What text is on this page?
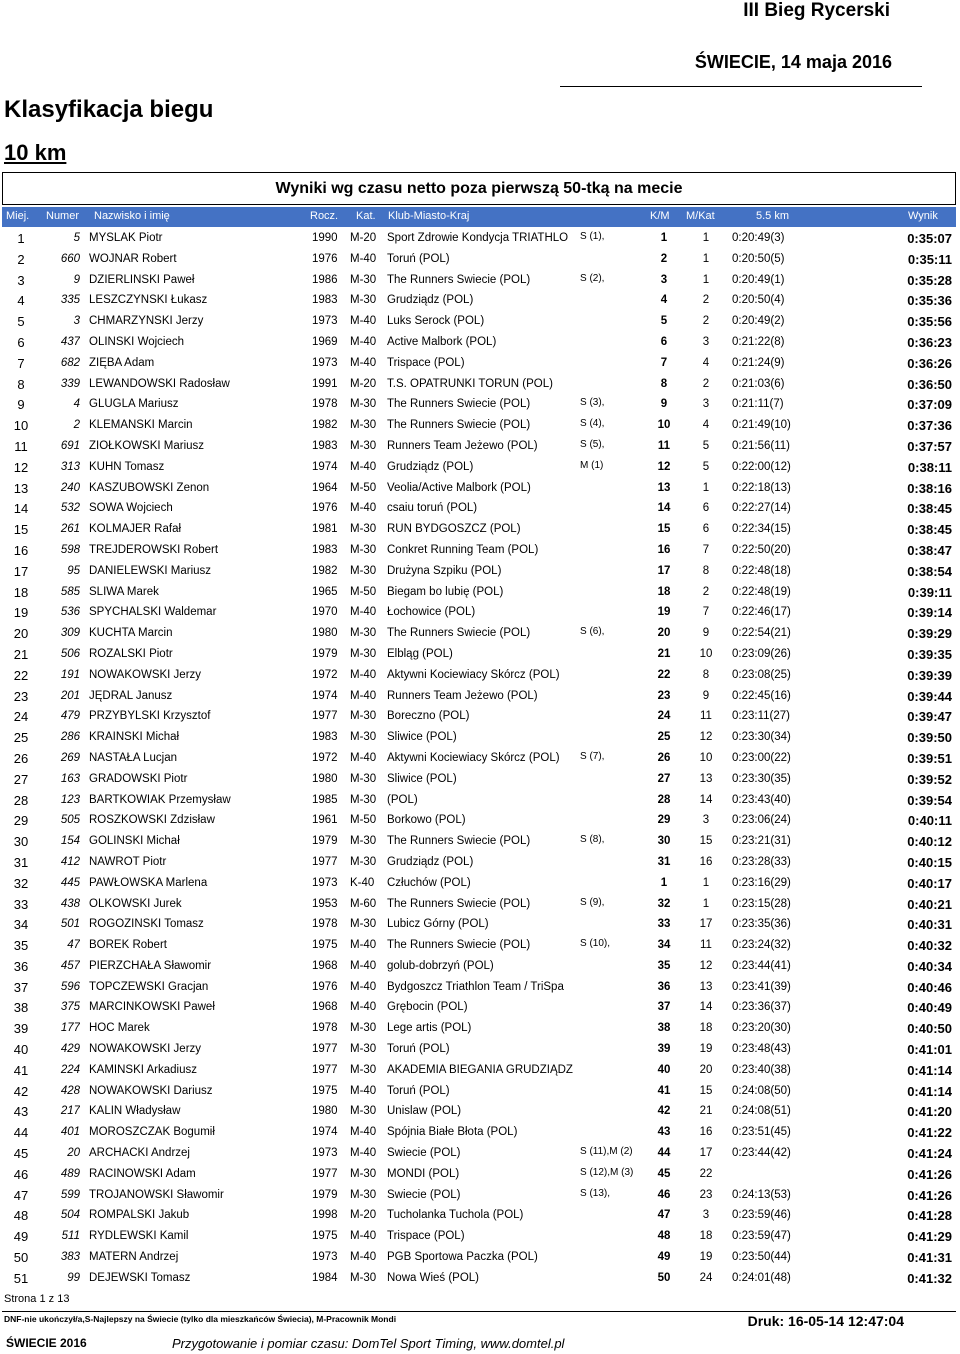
III Bieg Rycerski
ŚWIECIE, 14 maja 2016
Klasyfikacja biegu
10 km
Wyniki wg czasu netto poza pierwszą 50-tką na mecie
Miej. Numer Nazwisko i imię	Rocz. Kat. Klub-Miasto-Kraj	K/M M/Kat	5.5 km	Wynik
1	5 MYŚLAK Piotr	1990	M-20 Sport Zdrowie Kondycja TRIATHLO	S (1),	1	1	0:20:49(3)	0:35:07
2	660 WOJNAR Robert	1976	M-40 Toruń (POL)	2	1	0:20:50(5)	0:35:11
3	9 DZIERLIŃSKI Paweł	1986	M-30 The Runners Świecie (POL)	S (2),	3	1	0:20:49(1)	0:35:28
4	335 LESZCZYŃSKI Łukasz	1983	M-30 Grudziądz (POL)	4	2	0:20:50(4)	0:35:36
5	3 CHMARZYŃSKI Jerzy	1973	M-40 Luks Serock (POL)	5	2	0:20:49(2)	0:35:56
6	437 OLIŃSKI Wojciech	1969	M-40 Active Malbork (POL)	6	3	0:21:22(8)	0:36:23
7	682 ZIĘBA Adam	1973	M-40 Trispace (POL)	7	4	0:21:24(9)	0:36:26
8	339 LEWANDOWSKI Radosław	1991	M-20 T.S. OPATRUNKI TORUŃ (POL)	8	2	0:21:03(6)	0:36:50
9	4 GLUGLA Mariusz	1978	M-30 The Runners Świecie (POL)	S (3),	9	3	0:21:11(7)	0:37:09
10	2 KLEMAŃSKI Marcin	1982	M-30 The Runners Świecie (POL)	S (4),	10	4	0:21:49(10)	0:37:36
11	691 ZIÓŁKOWSKI Mariusz	1983	M-30 Runners Team Jeżewo (POL)	S (5),	11	5	0:21:56(11)	0:37:57
12	313 KÜHN Tomasz	1974	M-40 Grudziądz (POL)	M (1)	12	5	0:22:00(12)	0:38:11
13	240 KASZUBOWSKI Zenon	1964	M-50 Veolia/Active Malbork (POL)	13	1	0:22:18(13)	0:38:16
14	532 SOWA Wojciech	1976	M-40 csaiu toruń (POL)	14	6	0:22:27(14)	0:38:45
15	261 KOLMAJER Rafał	1981	M-30 RUN BYDGOSZCZ (POL)	15	6	0:22:34(15)	0:38:45
16	598 TREJDEROWSKI Robert	1983	M-30 Conkret Running Team (POL)	16	7	0:22:50(20)	0:38:47
17	95 DANIELEWSKI Mariusz	1982	M-30 Drużyna Szpiku (POL)	17	8	0:22:48(18)	0:38:54
18	585 ŚLIWA Marek	1965	M-50 Biegam bo lubię (POL)	18	2	0:22:48(19)	0:39:11
19	536 SPYCHALSKI Waldemar	1970	M-40 Łochowice (POL)	19	7	0:22:46(17)	0:39:14
20	309 KUCHTA Marcin	1980	M-30 The Runners Świecie (POL)	S (6),	20	9	0:22:54(21)	0:39:29
21	506 RÓŻALSKI Piotr	1979	M-30 Elbląg (POL)	21	10	0:23:09(26)	0:39:35
22	191 NOWAKOWSKI Jerzy	1972	M-40 Aktywni Kociewiacy Skórcz (POL)	22	8	0:23:08(25)	0:39:39
23	201 JĘDRAL Janusz	1974	M-40 Runners Team Jeżewo (POL)	23	9	0:22:45(16)	0:39:44
24	479 PRZYBYLSKI Krzysztof	1977	M-30 Boreczno (POL)	24	11	0:23:11(27)	0:39:47
25	286 KRAIŃSKI Michał	1983	M-30 Śliwice (POL)	25	12	0:23:30(34)	0:39:50
26	269 NASTAŁA Lucjan	1972	M-40 Aktywni Kociewiacy Skórcz (POL)	S (7),	26	10	0:23:00(22)	0:39:51
27	163 GRADOWSKI Piotr	1980	M-30 Śliwice (POL)	27	13	0:23:30(35)	0:39:52
28	123 BARTKOWIAK Przemysław	1985	M-30 (POL)	28	14	0:23:43(40)	0:39:54
29	505 ROSZKOWSKI Zdzisław	1961	M-50 Borkowo (POL)	29	3	0:23:06(24)	0:40:11
30	154 GOLIŃSKI Michał	1979	M-30 The Runners Świecie (POL)	S (8),	30	15	0:23:21(31)	0:40:12
31	412 NAWROT Piotr	1977	M-30 Grudziądz (POL)	31	16	0:23:28(33)	0:40:15
32	445 PAWŁOWSKA Marlena	1973	K-40	Człuchów (POL)	1	1	0:23:16(29)	0:40:17
33	438 OLKOWSKI Jurek	1953	M-60 The Runners Świecie (POL)	S (9),	32	1	0:23:15(28)	0:40:21
34	501 ROGOZIŃSKI Tomasz	1978	M-30 Lubicz Górny (POL)	33	17	0:23:35(36)	0:40:31
35	47 BOREK Robert	1975	M-40 The Runners Świecie (POL)	S (10),	34	11	0:23:24(32)	0:40:32
36	457 PIERZCHAŁA Sławomir	1968	M-40 golub-dobrzyń (POL)	35	12	0:23:44(41)	0:40:34
37	596 TOPCZEWSKI Gracjan	1976	M-40 Bydgoszcz Triathlon Team / TriSpa	36	13	0:23:41(39)	0:40:46
38	375 MARCINKOWSKI Paweł	1968	M-40 Grębocin (POL)	37	14	0:23:36(37)	0:40:49
39	177 HOC Marek	1978	M-30 Lege artis (POL)	38	18	0:23:20(30)	0:40:50
40	429 NOWAKOWSKI Jerzy	1977	M-30 Toruń (POL)	39	19	0:23:48(43)	0:41:01
41	224 KAMIŃSKI Arkadiusz	1977	M-30 AKADEMIA BIEGANIA GRUDZIĄDZ	40	20	0:23:40(38)	0:41:14
42	428 NOWAKOWSKI Dariusz	1975	M-40 Toruń (POL)	41	15	0:24:08(50)	0:41:14
43	217 KALIN Władysław	1980	M-30 Unislaw (POL)	42	21	0:24:08(51)	0:41:20
44	401 MOROSZCZAK Bogumił	1974	M-40 Spójnia Białe Błota (POL)	43	16	0:23:51(45)	0:41:22
45	20 ARCHACKI Andrzej	1973	M-40 Świecie (POL)	S (11),M (2)	44	17	0:23:44(42)	0:41:24
46	489 RACINOWSKI Adam	1977	M-30 MONDI (POL)	S (12),M (3)	45	22	0:41:26
47	599 TROJANOWSKI Sławomir	1979	M-30 Świecie (POL)	S (13),	46	23	0:24:13(53)	0:41:26
48	504 ROMPALSKI Jakub	1998	M-20 Tucholanka Tuchola (POL)	47	3	0:23:59(46)	0:41:28
49	511 RYDLEWSKI Kamil	1975	M-40 Trispace (POL)	48	18	0:23:59(47)	0:41:29
50	383 MATERN Andrzej	1973	M-40 PGB Sportowa Paczka (POL)	49	19	0:23:50(44)	0:41:31
51	99 DEJEWSKI Tomasz	1984	M-30 Nowa Wieś (POL)	50	24	0:24:01(48)	0:41:32
Strona 1 z 13
DNF-nie ukończył/a,S-Najlepszy na Świecie (tylko dla mieszkańców Świecia), M-Pracownik Mondi	Druk: 16-05-14 12:47:04
ŚWIECIE 2016	Przygotowanie i pomiar czasu: DomTel Sport Timing, www.domtel.pl
